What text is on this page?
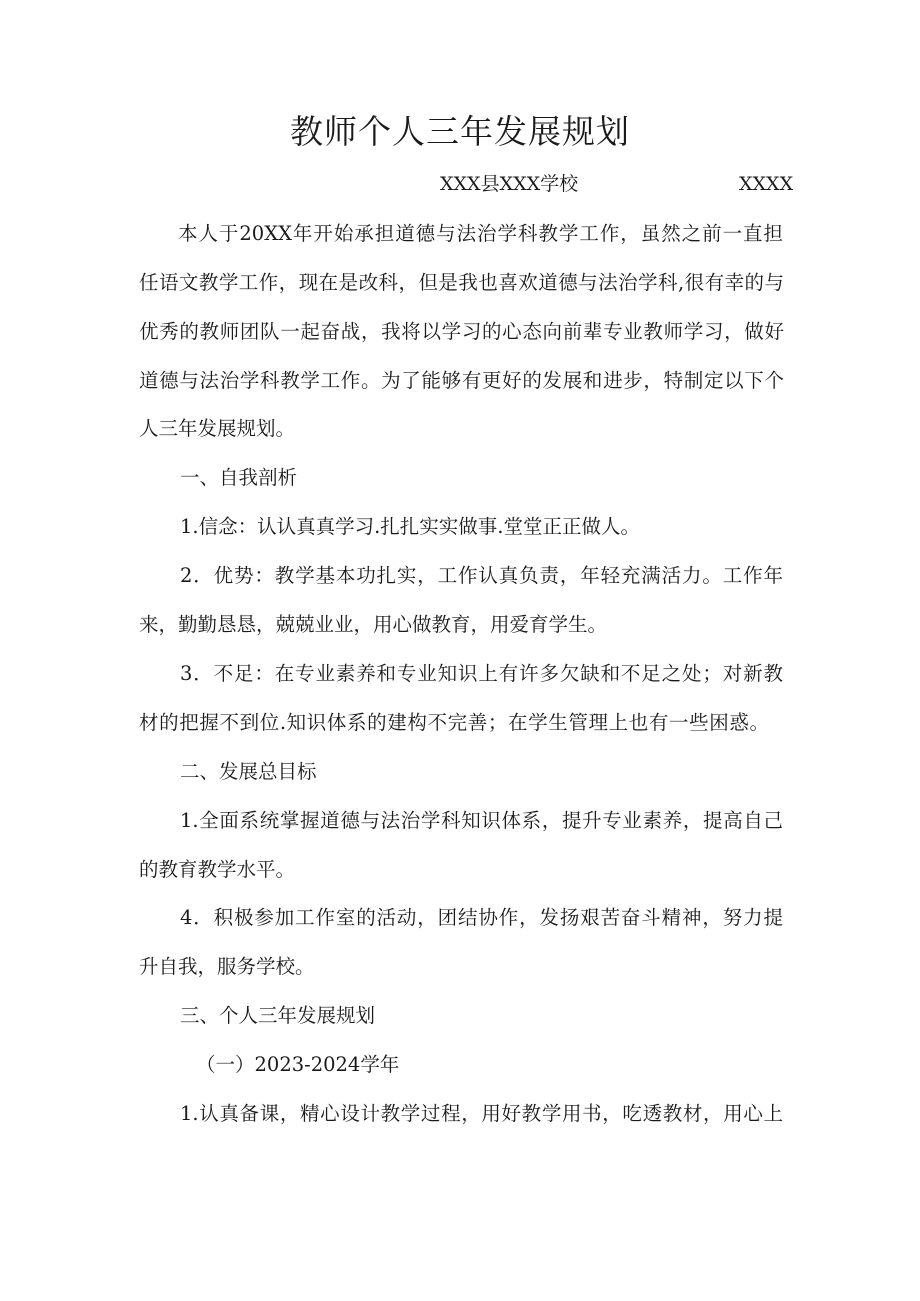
教师个人三年发展规划
XXX县XXX学校	XXXX
本人于20XX年开始承担道德与法治学科教学工作，虽然之前一直担
任语文教学工作，现在是改科，但是我也喜欢道德与法治学科,很有幸的与
优秀的教师团队一起奋战，我将以学习的心态向前辈专业教师学习，做好
道德与法治学科教学工作。为了能够有更好的发展和进步，特制定以下个
人三年发展规划。
一、自我剖析
1.信念：认认真真学习.扎扎实实做事.堂堂正正做人。
2．优势：教学基本功扎实，工作认真负责，年轻充满活力。工作年
来，勤勤恳恳，兢兢业业，用心做教育，用爱育学生。
3．不足：在专业素养和专业知识上有许多欠缺和不足之处；对新教
材的把握不到位.知识体系的建构不完善；在学生管理上也有一些困惑。
二、发展总目标
1.全面系统掌握道德与法治学科知识体系，提升专业素养，提高自己
的教育教学水平。
4．积极参加工作室的活动，团结协作，发扬艰苦奋斗精神，努力提
升自我，服务学校。
三、个人三年发展规划
（一）2023-2024学年
1.认真备课，精心设计教学过程，用好教学用书，吃透教材，用心上
